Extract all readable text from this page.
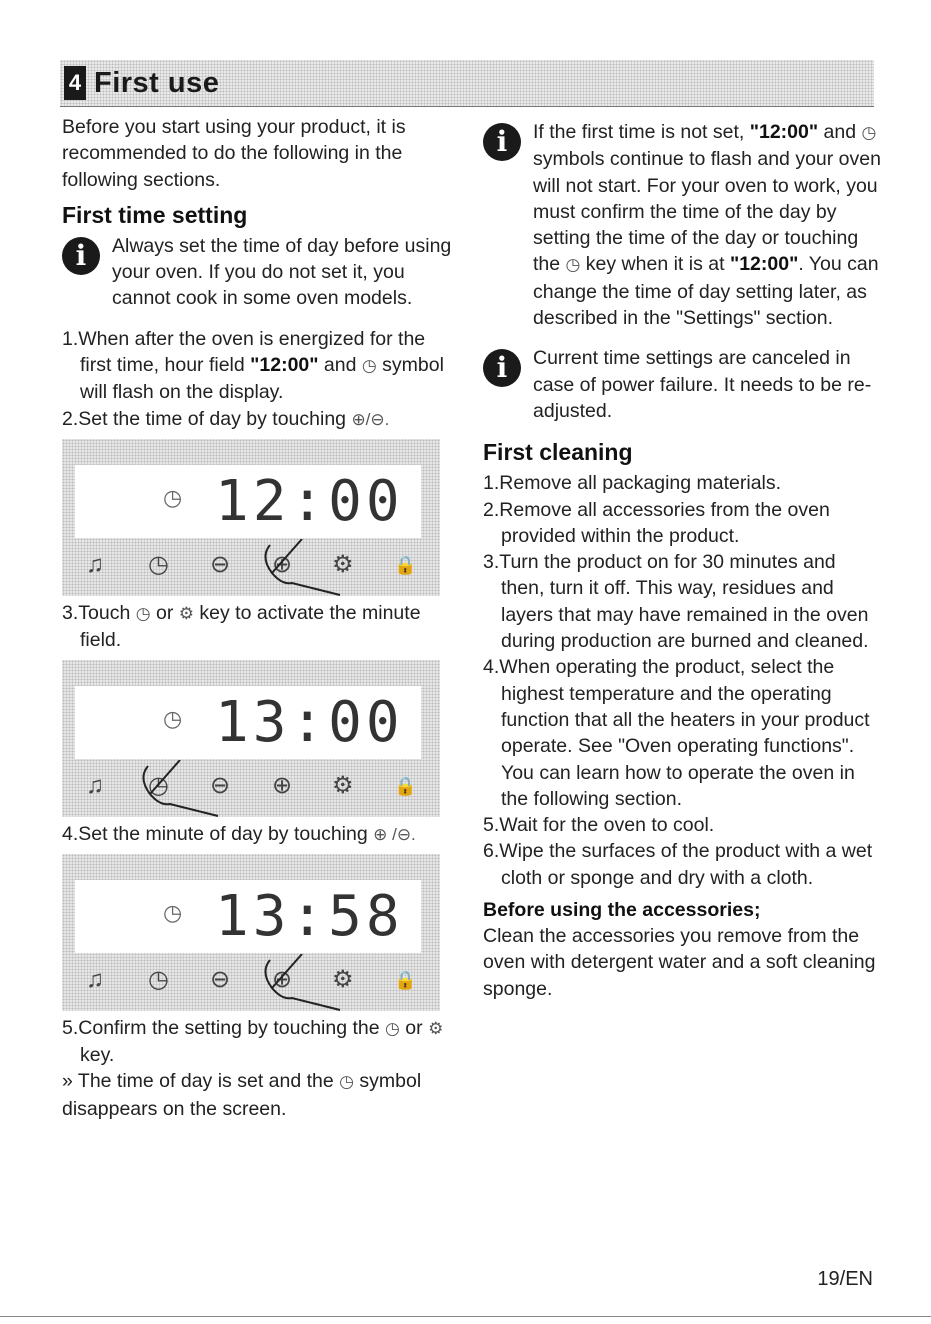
4 First use

Before you start using your product, it is recommended to do the following in the following sections.

First time setting
i	Always set the time of day before using your oven. If you do not set it, you cannot cook in some oven models.
1.When after the oven is energized for the first time, hour field "12:00" and ◷ symbol will flash on the display.
2.Set the time of day by touching ⊕/⊖.
◷ 12:00
♫ ◷ ⊖ ⊕ ⚙ 🔒
3.Touch ◷ or ⚙ key to activate the minute field.
◷ 13:00
♫ ◷ ⊖ ⊕ ⚙ 🔒
4.Set the minute of day by touching ⊕ /⊖.
◷ 13:58
♫ ◷ ⊖ ⊕ ⚙ 🔒
5.Confirm the setting by touching the ◷ or ⚙ key.

» The time of day is set and the ◷ symbol disappears on the screen.

i	If the first time is not set, "12:00" and ◷ symbols continue to flash and your oven will not start. For your oven to work, you must confirm the time of the day by setting the time of the day or touching the ◷ key when it is at "12:00". You can change the time of day setting later, as described in the "Settings" section.
i	Current time settings are canceled in case of power failure. It needs to be re-adjusted.
First cleaning
1.Remove all packaging materials.
2.Remove all accessories from the oven provided within the product.
3.Turn the product on for 30 minutes and then, turn it off. This way, residues and layers that may have remained in the oven during production are burned and cleaned.
4.When operating the product, select the highest temperature and the operating function that all the heaters in your product operate. See "Oven operating functions". You can learn how to operate the oven in the following section.
5.Wait for the oven to cool.
6.Wipe the surfaces of the product with a wet cloth or sponge and dry with a cloth.
Before using the accessories;

Clean the accessories you remove from the oven with detergent water and a soft cleaning sponge.

19/EN
